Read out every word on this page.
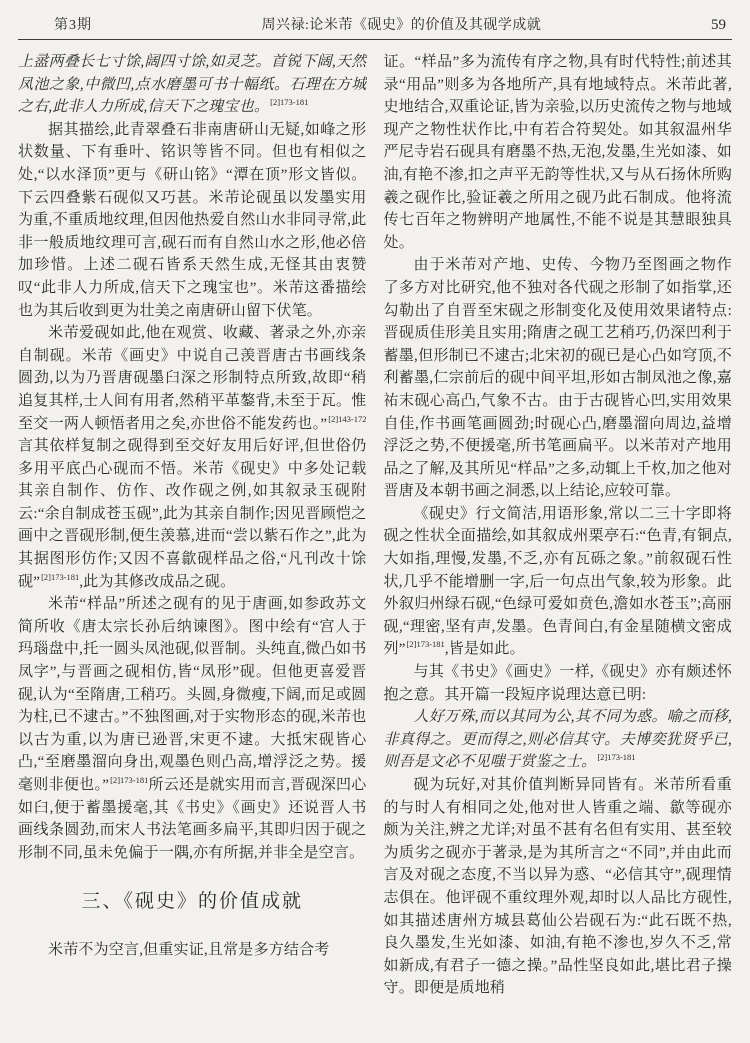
第3期	周兴禄:论米芾《砚史》的价值及其砚学成就	59

上盝两叠长七寸馀,阔四寸馀,如灵芝。首锐下阔,天然凤池之象,中微凹,点水磨墨可书十幅纸。石理在方城之右,此非人力所成,信天下之瑰宝也。$^{[2]173-181}$

据其描绘,此青翠叠石非南唐研山无疑,如峰之形状数量、下有垂叶、铭识等皆不同。但也有相似之处,“以水泽顶”更与《研山铭》“潭在顶”形文皆似。下云四叠紫石砚似又巧甚。米芾论砚虽以发墨实用为重,不重质地纹理,但因他热爱自然山水非同寻常,此非一般质地纹理可言,砚石而有自然山水之形,他必倍加珍惜。上述二砚石皆系天然生成,无怪其由衷赞叹“此非人力所成,信天下之瑰宝也”。米芾这番描绘也为其后收到更为壮美之南唐研山留下伏笔。

米芾爱砚如此,他在观赏、收藏、著录之外,亦亲自制砚。米芾《画史》中说自己羡晋唐古书画线条圆劲,以为乃晋唐砚墨臼深之形制特点所致,故即“稍追复其样,士人间有用者,然稍平革鏊背,未至于瓦。惟至交一两人顿悟者用之矣,亦世俗不能发药也。”$^{[2]143-172}$言其依样复制之砚得到至交好友用后好评,但世俗仍多用平底凸心砚而不悟。米芾《砚史》中多处记载其亲自制作、仿作、改作砚之例,如其叙录玉砚附云:“余自制成苍玉砚”,此为其亲自制作;因见晋顾恺之画中之晋砚形制,便生羡慕,进而“尝以紫石作之”,此为其据图形仿作;又因不喜歙砚样品之俗,“凡刊改十馀砚”$^{[2]173-181}$,此为其修改成品之砚。

米芾“样品”所述之砚有的见于唐画,如参政苏文简所收《唐太宗长孙后纳谏图》。图中绘有“宫人于玛瑙盘中,托一圆头凤池砚,似晋制。头纯直,微凸如书凤字”,与晋画之砚相仿,皆“凤形”砚。但他更喜爱晋砚,认为“至隋唐,工稍巧。头圆,身微瘦,下阔,而足或圆为柱,已不逮古。”不独图画,对于实物形态的砚,米芾也以古为重,以为唐已逊晋,宋更不逮。大抵宋砚皆心凸,“至磨墨溜向身出,观墨色则凸高,增浮泛之势。援毫则非便也。”$^{[2]173-181}$所云还是就实用而言,晋砚深凹心如臼,便于蓄墨援毫,其《书史》《画史》还说晋人书画线条圆劲,而宋人书法笔画多扁平,其即归因于砚之形制不同,虽未免偏于一隅,亦有所据,并非全是空言。

三、《砚史》的价值成就

米芾不为空言,但重实证,且常是多方结合考

证。“样品”多为流传有序之物,具有时代特性;前述其录“用品”则多为各地所产,具有地域特点。米芾此著,史地结合,双重论证,皆为亲验,以历史流传之物与地域现产之物性状作比,中有若合符契处。如其叙温州华严尼寺岩石砚具有磨墨不热,无泡,发墨,生光如漆、如油,有艳不渗,扣之声平无韵等性状,又与从石扬休所购羲之砚作比,验证羲之所用之砚乃此石制成。他将流传七百年之物辨明产地属性,不能不说是其慧眼独具处。

由于米芾对产地、史传、今物乃至图画之物作了多方对比研究,他不独对各代砚之形制了如指掌,还勾勒出了自晋至宋砚之形制变化及使用效果诸特点:晋砚质佳形美且实用;隋唐之砚工艺稍巧,仍深凹利于蓄墨,但形制已不逮古;北宋初的砚已是心凸如穹顶,不利蓄墨,仁宗前后的砚中间平坦,形如古制凤池之像,嘉祐末砚心高凸,气象不古。由于古砚皆心凹,实用效果自佳,作书画笔画圆劲;时砚心凸,磨墨溜向周边,益增浮泛之势,不便援毫,所书笔画扁平。以米芾对产地用品之了解,及其所见“样品”之多,动辄上千枚,加之他对晋唐及本朝书画之洞悉,以上结论,应较可靠。

《砚史》行文简洁,用语形象,常以二三十字即将砚之性状全面描绘,如其叙成州栗亭石:“色青,有铜点,大如指,理慢,发墨,不乏,亦有瓦砾之象。”前叙砚石性状,几乎不能增删一字,后一句点出气象,较为形象。此外叙归州绿石砚,“色绿可爱如贲色,澹如水苍玉”;高丽砚,“理密,坚有声,发墨。色青间白,有金星随横文密成列”$^{[2]173-181}$,皆是如此。

与其《书史》《画史》一样,《砚史》亦有颇述怀抱之意。其开篇一段短序说理达意已明:

人好万殊,而以其同为公,其不同为惑。喻之而移,非真得之。更而得之,则必信其守。夫博奕犹贤乎已,则吾是文必不见嗤于赏鉴之士。$^{[2]173-181}$

砚为玩好,对其价值判断异同皆有。米芾所看重的与时人有相同之处,他对世人皆重之端、歙等砚亦颇为关注,辨之尤详;对虽不甚有名但有实用、甚至较为质劣之砚亦于著录,是为其所言之“不同”,并由此而言及对砚之态度,不当以异为惑、“必信其守”,砚理情志俱在。他评砚不重纹理外观,却时以人品比方砚性,如其描述唐州方城县葛仙公岩砚石为:“此石既不热,良久墨发,生光如漆、如油,有艳不渗也,岁久不乏,常如新成,有君子一德之操。”品性坚良如此,堪比君子操守。即便是质地稍
